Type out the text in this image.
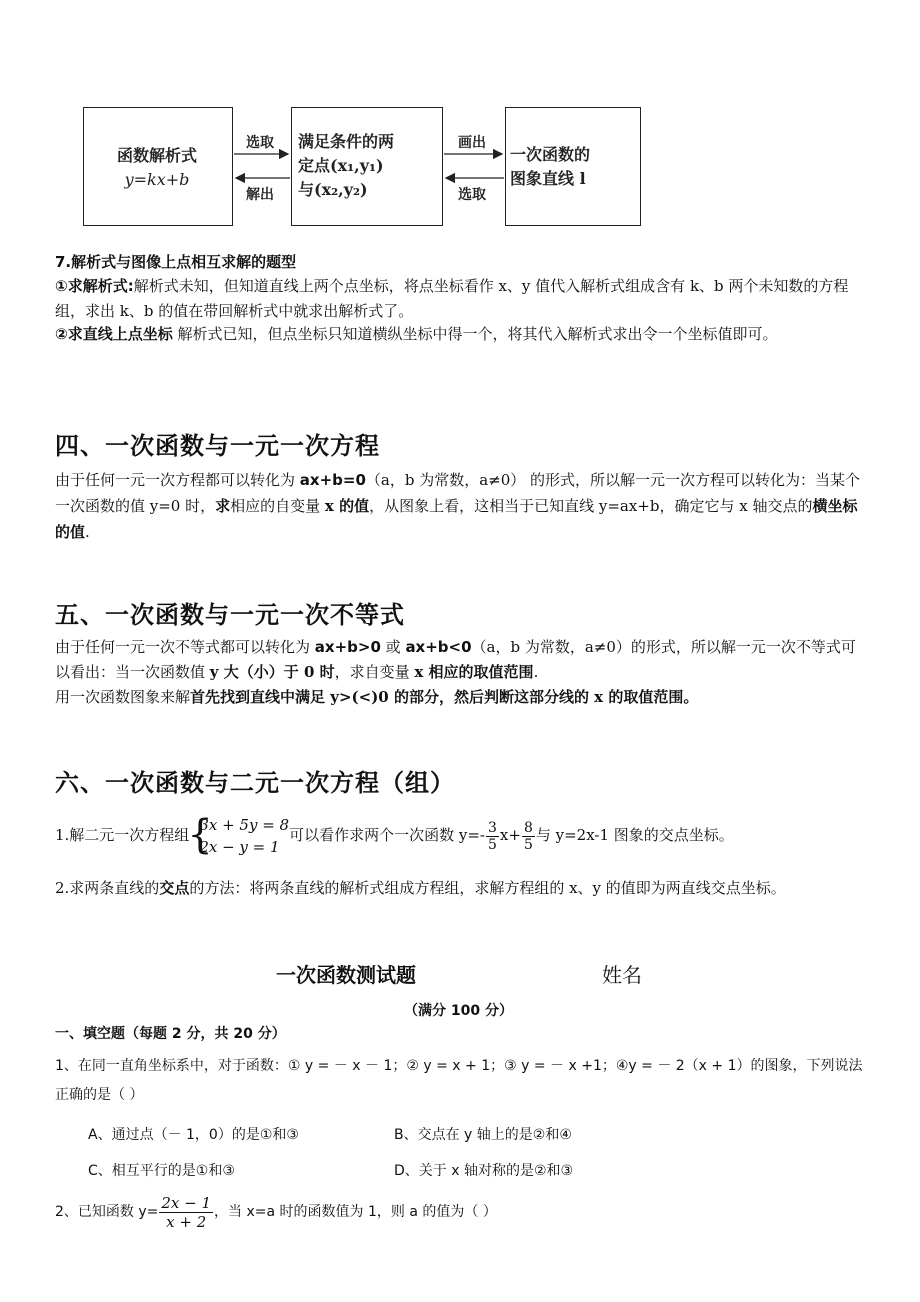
函数解析式
y=kx+b
满足条件的两
定点(x₁,y₁)
与(x₂,y₂)
一次函数的
图象直线 l
选取
解出
画出
选取
7.解析式与图像上点相互求解的题型
①求解析式:解析式未知，但知道直线上两个点坐标，将点坐标看作 x、y 值代入解析式组成含有 k、b 两个未知数的方程组，求出 k、b 的值在带回解析式中就求出解析式了。
②求直线上点坐标 解析式已知，但点坐标只知道横纵坐标中得一个，将其代入解析式求出令一个坐标值即可。
四、一次函数与一元一次方程
由于任何一元一次方程都可以转化为 ax+b=0（a，b 为常数，a≠0） 的形式，所以解一元一次方程可以转化为：当某个一次函数的值 y=0 时，求相应的自变量 x 的值，从图象上看，这相当于已知直线 y=ax+b，确定它与 x 轴交点的横坐标的值.
五、一次函数与一元一次不等式
由于任何一元一次不等式都可以转化为 ax+b>0 或 ax+b<0（a，b 为常数，a≠0）的形式，所以解一元一次不等式可以看出：当一次函数值 y 大（小）于 0 时，求自变量 x 相应的取值范围.
用一次函数图象来解首先找到直线中满足 y>(<)0 的部分，然后判断这部分线的 x 的取值范围。
六、一次函数与二元一次方程（组）
1.解二元一次方程组
{
3x + 5y = 8
2x − y = 1
可以看作求两个一次函数 $y=- \frac{3}{5} x+ \frac{8}{5}$ 与 y=2x-1 图象的交点坐标。
2.求两条直线的交点的方法：将两条直线的解析式组成方程组，求解方程组的 x、y 的值即为两直线交点坐标。
一次函数测试题	姓名
（满分 100 分）
一、填空题（每题 2 分，共 20 分）
1、在同一直角坐标系中，对于函数：① y = － x － 1；② y = x + 1；③ y = － x +1；④y = － 2（x + 1）的图象，下列说法正确的是（ ）
A、通过点（－ 1，0）的是①和③	B、交点在 y 轴上的是②和④
C、相互平行的是①和③	D、关于 x 轴对称的是②和③
2、已知函数 $y= \frac{2x - 1}{x + 2}$ ，当 x=a 时的函数值为 1，则 a 的值为（ ）
